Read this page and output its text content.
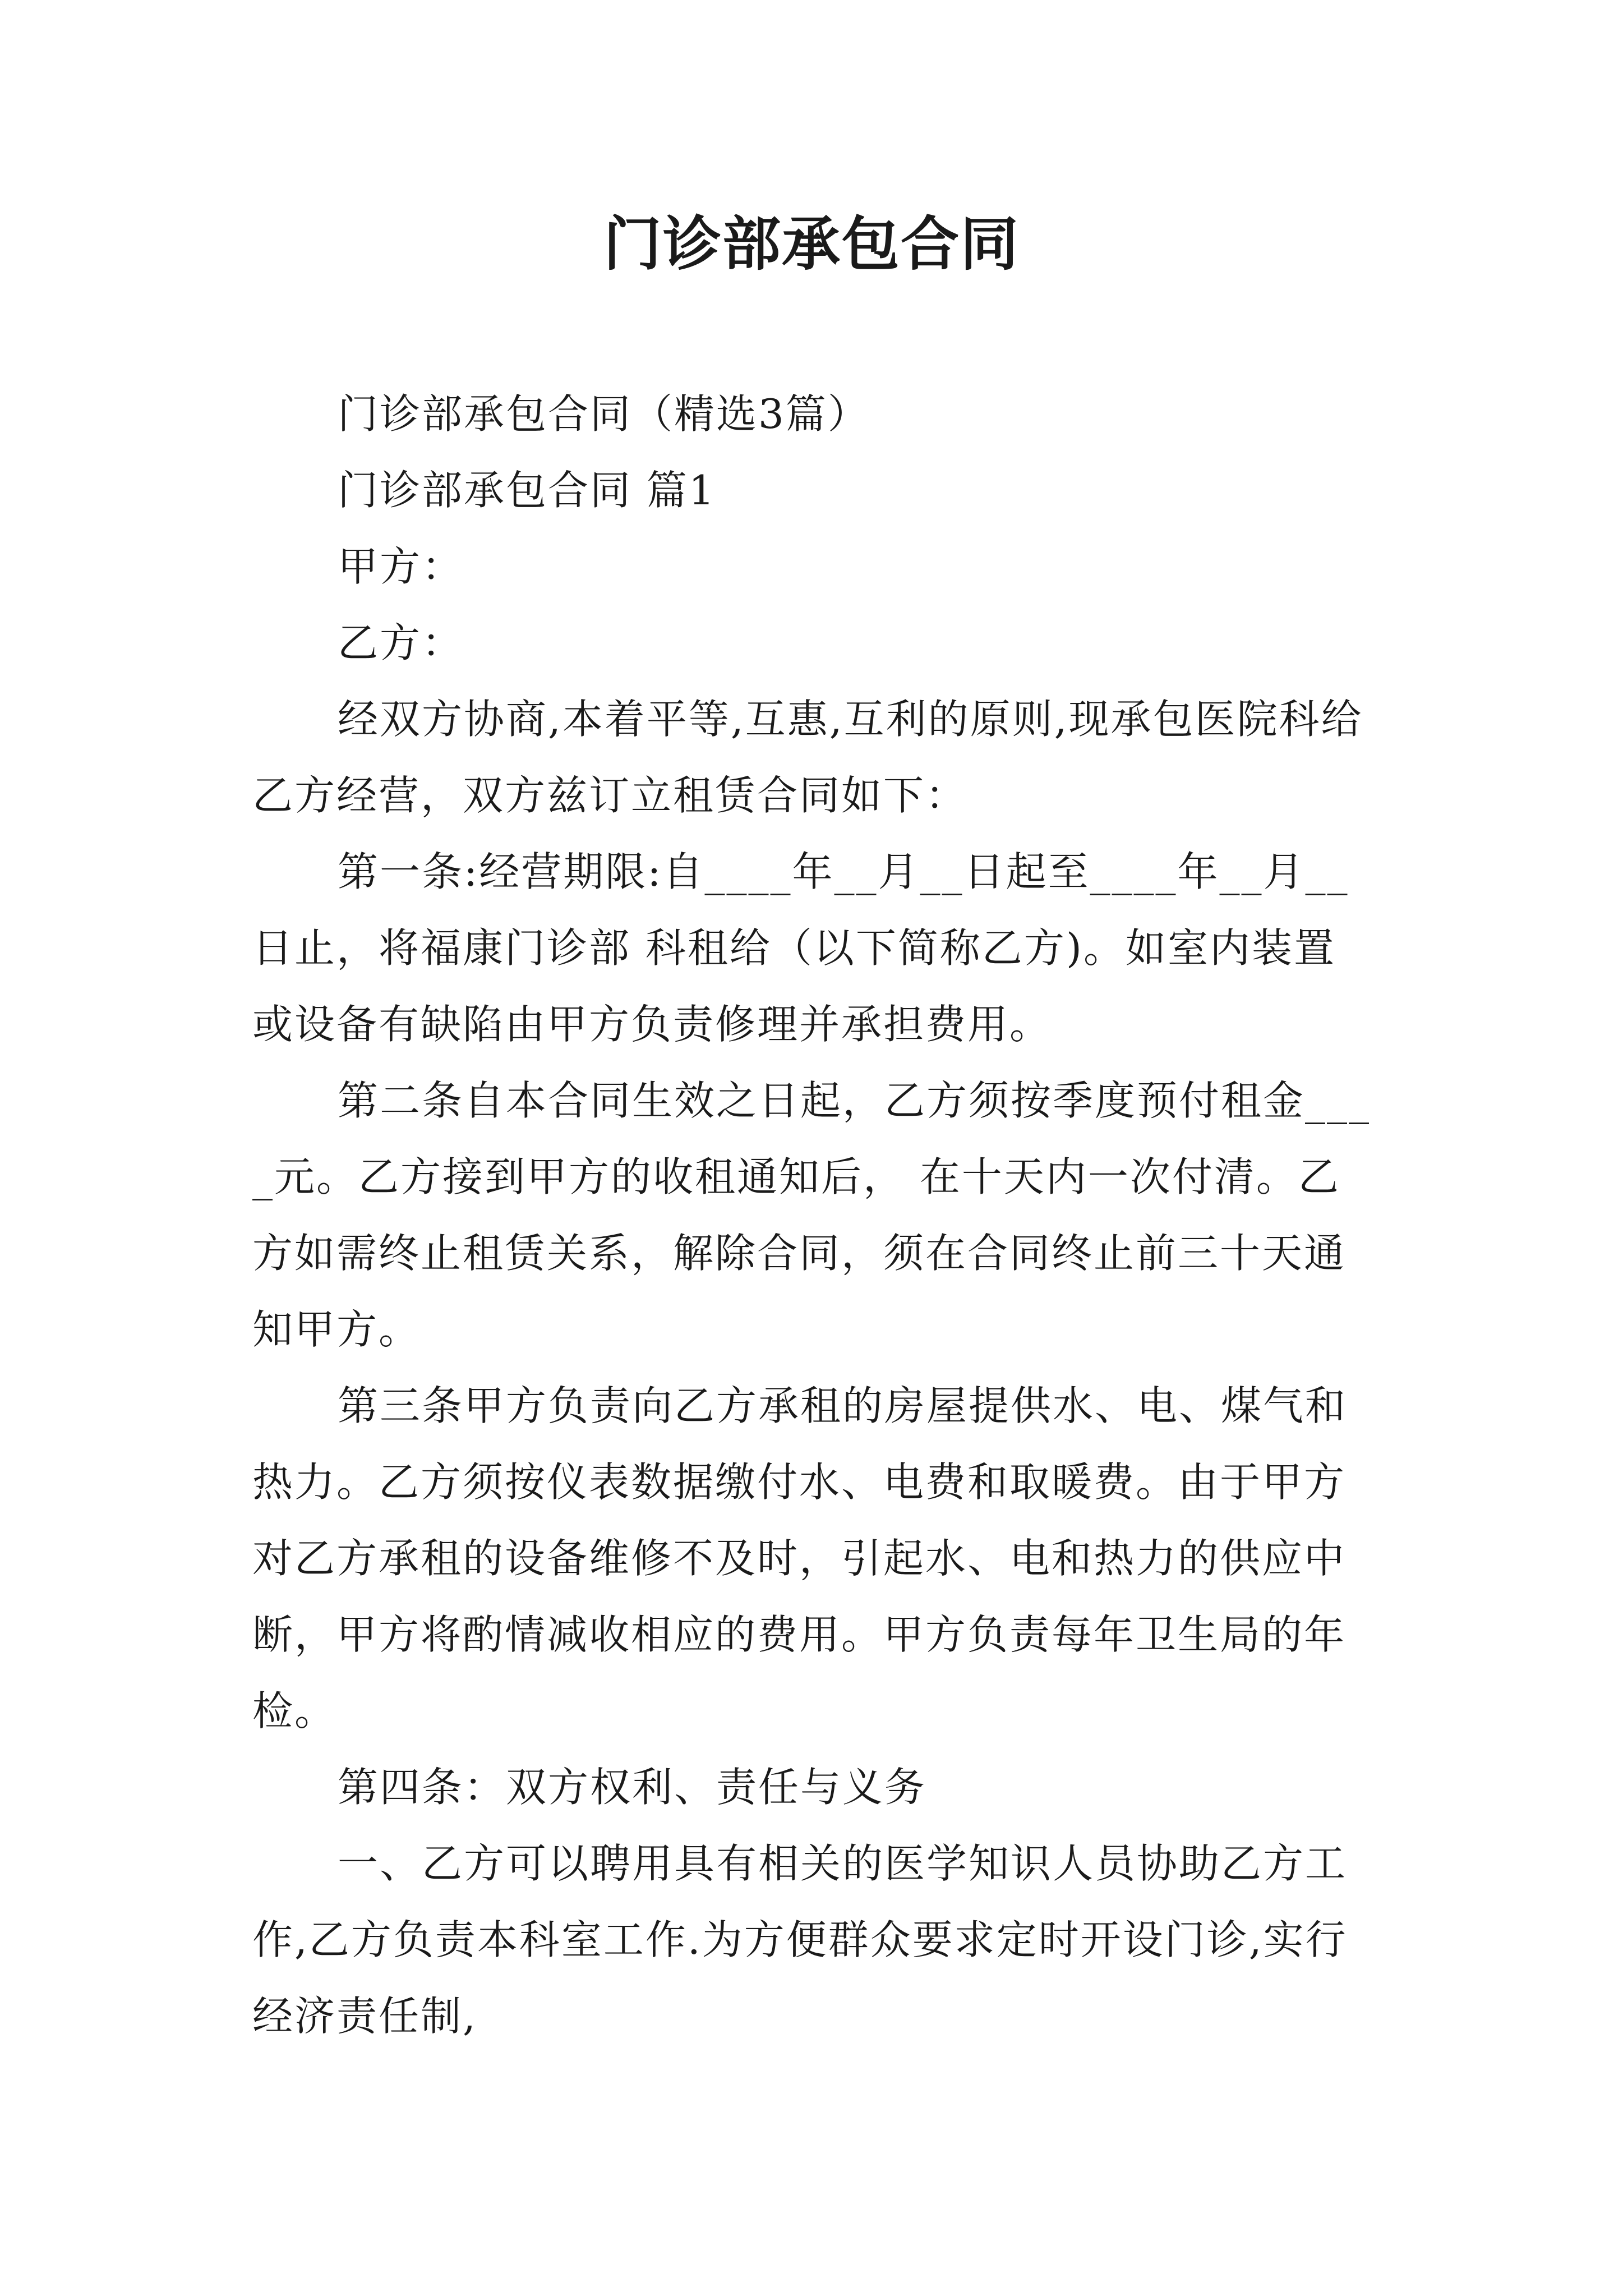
门诊部承包合同

门诊部承包合同（精选3篇）

门诊部承包合同 篇1

甲方：

乙方：

经双方协商,本着平等,互惠,互利的原则,现承包医院科给乙方经营，双方兹订立租赁合同如下：

第一条:经营期限:自____年__月__日起至____年__月__日止，将福康门诊部 科租给（以下简称乙方)。如室内装置或设备有缺陷由甲方负责修理并承担费用。

第二条自本合同生效之日起，乙方须按季度预付租金____元。乙方接到甲方的收租通知后， 在十天内一次付清。乙方如需终止租赁关系，解除合同，须在合同终止前三十天通知甲方。

第三条甲方负责向乙方承租的房屋提供水、电、煤气和热力。乙方须按仪表数据缴付水、电费和取暖费。由于甲方对乙方承租的设备维修不及时，引起水、电和热力的供应中断，甲方将酌情减收相应的费用。甲方负责每年卫生局的年检。

第四条：双方权利、责任与义务

一、乙方可以聘用具有相关的医学知识人员协助乙方工作,乙方负责本科室工作.为方便群众要求定时开设门诊,实行经济责任制,
